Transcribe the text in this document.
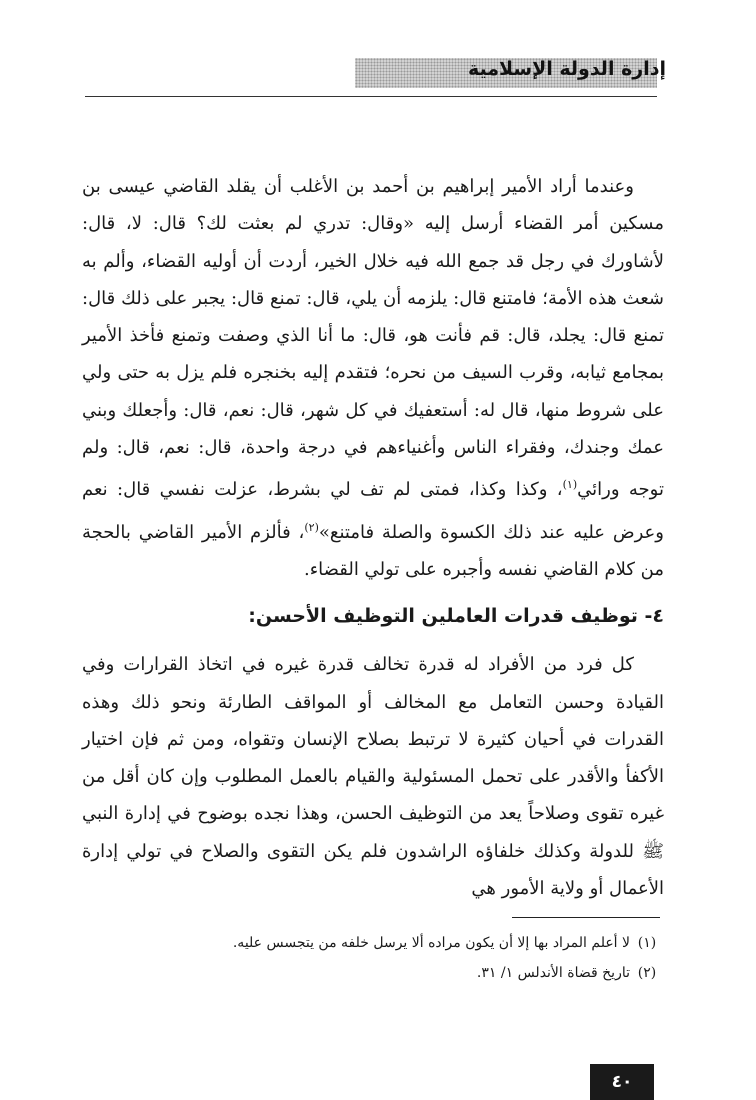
إدارة الدولة الإسلامية

وعندما أراد الأمير إبراهيم بن أحمد بن الأغلب أن يقلد القاضي عيسى بن مسكين أمر القضاء أرسل إليه «وقال: تدري لم بعثت لك؟ قال: لا، قال: لأشاورك في رجل قد جمع الله فيه خلال الخير، أردت أن أوليه القضاء، وألم به شعث هذه الأمة؛ فامتنع قال: يلزمه أن يلي، قال: تمنع قال: يجبر على ذلك قال: تمنع قال: يجلد، قال: قم فأنت هو، قال: ما أنا الذي وصفت وتمنع فأخذ الأمير بمجامع ثيابه، وقرب السيف من نحره؛ فتقدم إليه بخنجره فلم يزل به حتى ولي على شروط منها، قال له: أستعفيك في كل شهر، قال: نعم، قال: وأجعلك وبني عمك وجندك، وفقراء الناس وأغنياءهم في درجة واحدة، قال: نعم، قال: ولم توجه ورائي$^{(١)}$، وكذا وكذا، فمتى لم تف لي بشرط، عزلت نفسي قال: نعم وعرض عليه عند ذلك الكسوة والصلة فامتنع»$^{(٢)}$، فألزم الأمير القاضي بالحجة من كلام القاضي نفسه وأجبره على تولي القضاء.

٤- توظيف قدرات العاملين التوظيف الأحسن:

كل فرد من الأفراد له قدرة تخالف قدرة غيره في اتخاذ القرارات وفي القيادة وحسن التعامل مع المخالف أو المواقف الطارئة ونحو ذلك وهذه القدرات في أحيان كثيرة لا ترتبط بصلاح الإنسان وتقواه، ومن ثم فإن اختيار الأكفأ والأقدر على تحمل المسئولية والقيام بالعمل المطلوب وإن كان أقل من غيره تقوى وصلاحاً يعد من التوظيف الحسن، وهذا نجده بوضوح في إدارة النبي ﷺ للدولة وكذلك خلفاؤه الراشدون فلم يكن التقوى والصلاح في تولي إدارة الأعمال أو ولاية الأمور هي

(١)
لا أعلم المراد بها إلا أن يكون مراده ألا يرسل خلفه من يتجسس عليه.
(٢)
تاريخ قضاة الأندلس ١/ ٣١.
٤٠
